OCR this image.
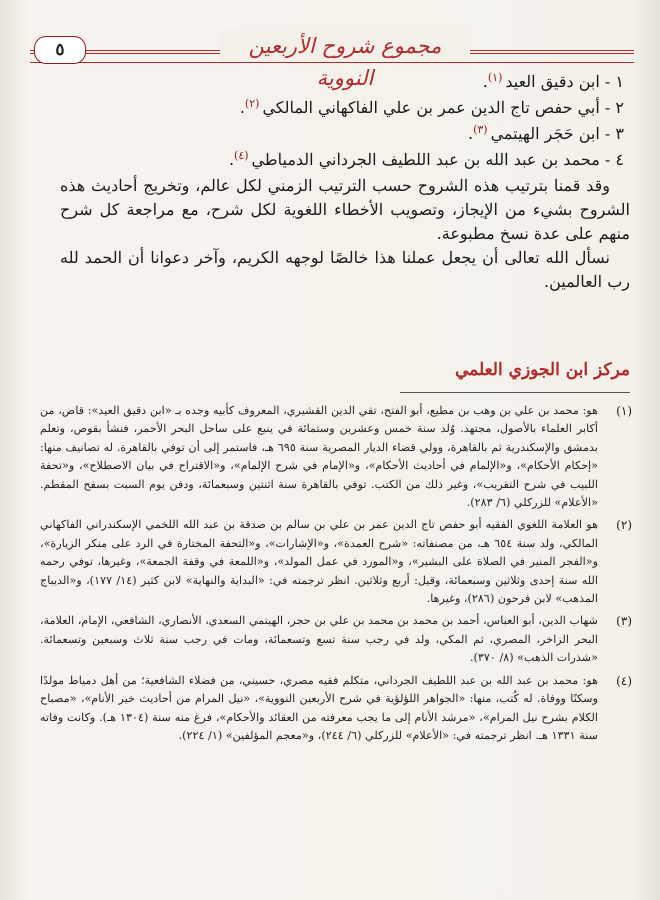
٥	مجموع شروح الأربعين النووية	١ - ابن دقيق العيد$^{(١)}$.
٢ - أبي حفص تاج الدين عمر بن علي الفاكهاني المالكي$^{(٢)}$.
٣ - ابن حَجَر الهيتمي$^{(٣)}$.
٤ - محمد بن عبد الله بن عبد اللطيف الجرداني الدمياطي$^{(٤)}$.

وقد قمنا بترتيب هذه الشروح حسب الترتيب الزمني لكل عالم، وتخريج أحاديث هذه الشروح بشيء من الإيجاز، وتصويب الأخطاء اللغوية لكل شرح، مع مراجعة كل شرح منهم على عدة نسخ مطبوعة.

نسأل الله تعالى أن يجعل عملنا هذا خالصًا لوجهه الكريم، وآخر دعوانا أن الحمد لله رب العالمين.

مركز ابن الجوزي العلمي
(١)
هو: محمد بن علي بن وهب بن مطيع، أبو الفتح، تقي الدين القشيري، المعروف كأبيه وجده بـ «ابن دقيق العيد»: قاض، من أكابر العلماء بالأصول، مجتهد. وُلد سنة خمس وعشرين وستمائة في ينبع على ساحل البحر الأحمر، فنشأ بقوص، وتعلم بدمشق والإسكندرية ثم بالقاهرة، وولي قضاء الديار المصرية سنة ٦٩٥ هـ، فاستمر إلى أن توفي بالقاهرة. له تصانيف منها: «إحكام الأحكام»، و«الإلمام في أحاديث الأحكام»، و«الإمام في شرح الإلمام»، و«الاقتراح في بيان الاصطلاح»، و«تحفة اللبيب في شرح التقريب»، وغير ذلك من الكتب. توفي بالقاهرة سنة اثنتين وسبعمائة، ودفن يوم السبت بسفح المقطم. «الأعلام» للزركلي (٦/ ٢٨٣).
(٢)
هو العلامة اللغوي الفقيه أبو حفص تاج الدين عمر بن علي بن سالم بن صدقة بن عبد الله اللخمي الإسكندراني الفاكهاني المالكي، ولد سنة ٦٥٤ هـ، من مصنفاته: «شرح العمدة»، و«الإشارات»، و«التحفة المختارة في الرد على منكر الزيارة»، و«الفجر المنير في الصلاة على البشير»، و«المورد في عمل المولد»، و«اللمعة في وقفة الجمعة»، وغيرها، توفي رحمه الله سنة إحدى وثلاثين وسبعمائة، وقيل: أربع وثلاثين. انظر ترجمته في: «البداية والنهاية» لابن كثير (١٤/ ١٧٧)، و«الديباج المذهب» لابن فرحون (٢٨٦)، وغيرها.
(٣)
شهاب الدين، أبو العباس، أحمد بن محمد بن محمد بن علي بن حجر، الهيتمي السعدي، الأنصاري، الشافعي، الإمام، العلامة، البحر الزاخر، المصري، ثم المكي، ولد في رجب سنة تسع وتسعمائة، ومات في رجب سنة ثلاث وسبعين وتسعمائة. «شذرات الذهب» (٨/ ٣٧٠).
(٤)
هو: محمد بن عبد الله بن عبد اللطيف الجرداني، متكلم فقيه مصري، حسيني، من فضلاء الشافعية؛ من أهل دمياط مولدًا وسكنًا ووفاة. له كُتب، منها: «الجواهر اللؤلؤية في شرح الأربعين النووية»، «نيل المرام من أحاديث خير الأنام»، «مصباح الكلام بشرح نيل المرام»، «مرشد الأنام إلى ما يجب معرفته من العقائد والأحكام»، فرغ منه سنة (١٣٠٤ هـ). وكانت وفاته سنة ١٣٣١ هـ. انظر ترجمته في: «الأعلام» للزركلي (٦/ ٢٤٤)، و«معجم المؤلفين» (١/ ٢٢٤).
